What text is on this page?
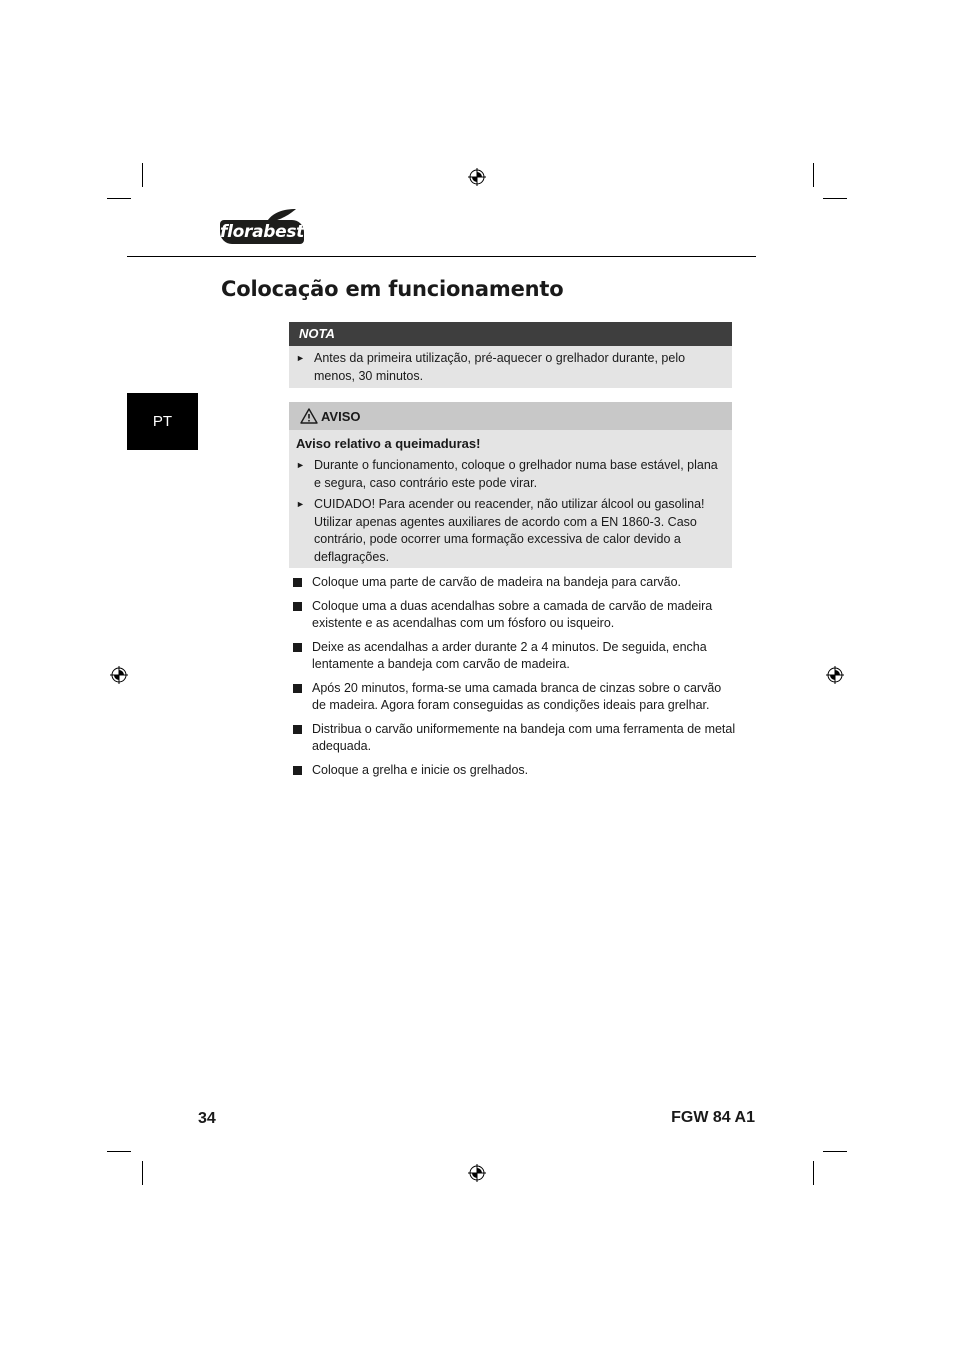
florabest
Colocação em funcionamento
PT
NOTA
► Antes da primeira utilização, pré-aquecer o grelhador durante, pelo menos, 30 minutos.
AVISO
Aviso relativo a queimaduras!
► Durante o funcionamento, coloque o grelhador numa base estável, plana e segura, caso contrário este pode virar.
► CUIDADO! Para acender ou reacender, não utilizar álcool ou gasolina! Utilizar apenas agentes auxiliares de acordo com a EN 1860-3. Caso contrário, pode ocorrer uma formação excessiva de calor devido a deflagrações.
Coloque uma parte de carvão de madeira na bandeja para carvão.
Coloque uma a duas acendalhas sobre a camada de carvão de madeira existente e as acendalhas com um fósforo ou isqueiro.
Deixe as acendalhas a arder durante 2 a 4 minutos. De seguida, encha lentamente a bandeja com carvão de madeira.
Após 20 minutos, forma-se uma camada branca de cinzas sobre o carvão de madeira. Agora foram conseguidas as condições ideais para grelhar.
Distribua o carvão uniformemente na bandeja com uma ferramenta de metal adequada.
Coloque a grelha e inicie os grelhados.
34	FGW 84 A1
